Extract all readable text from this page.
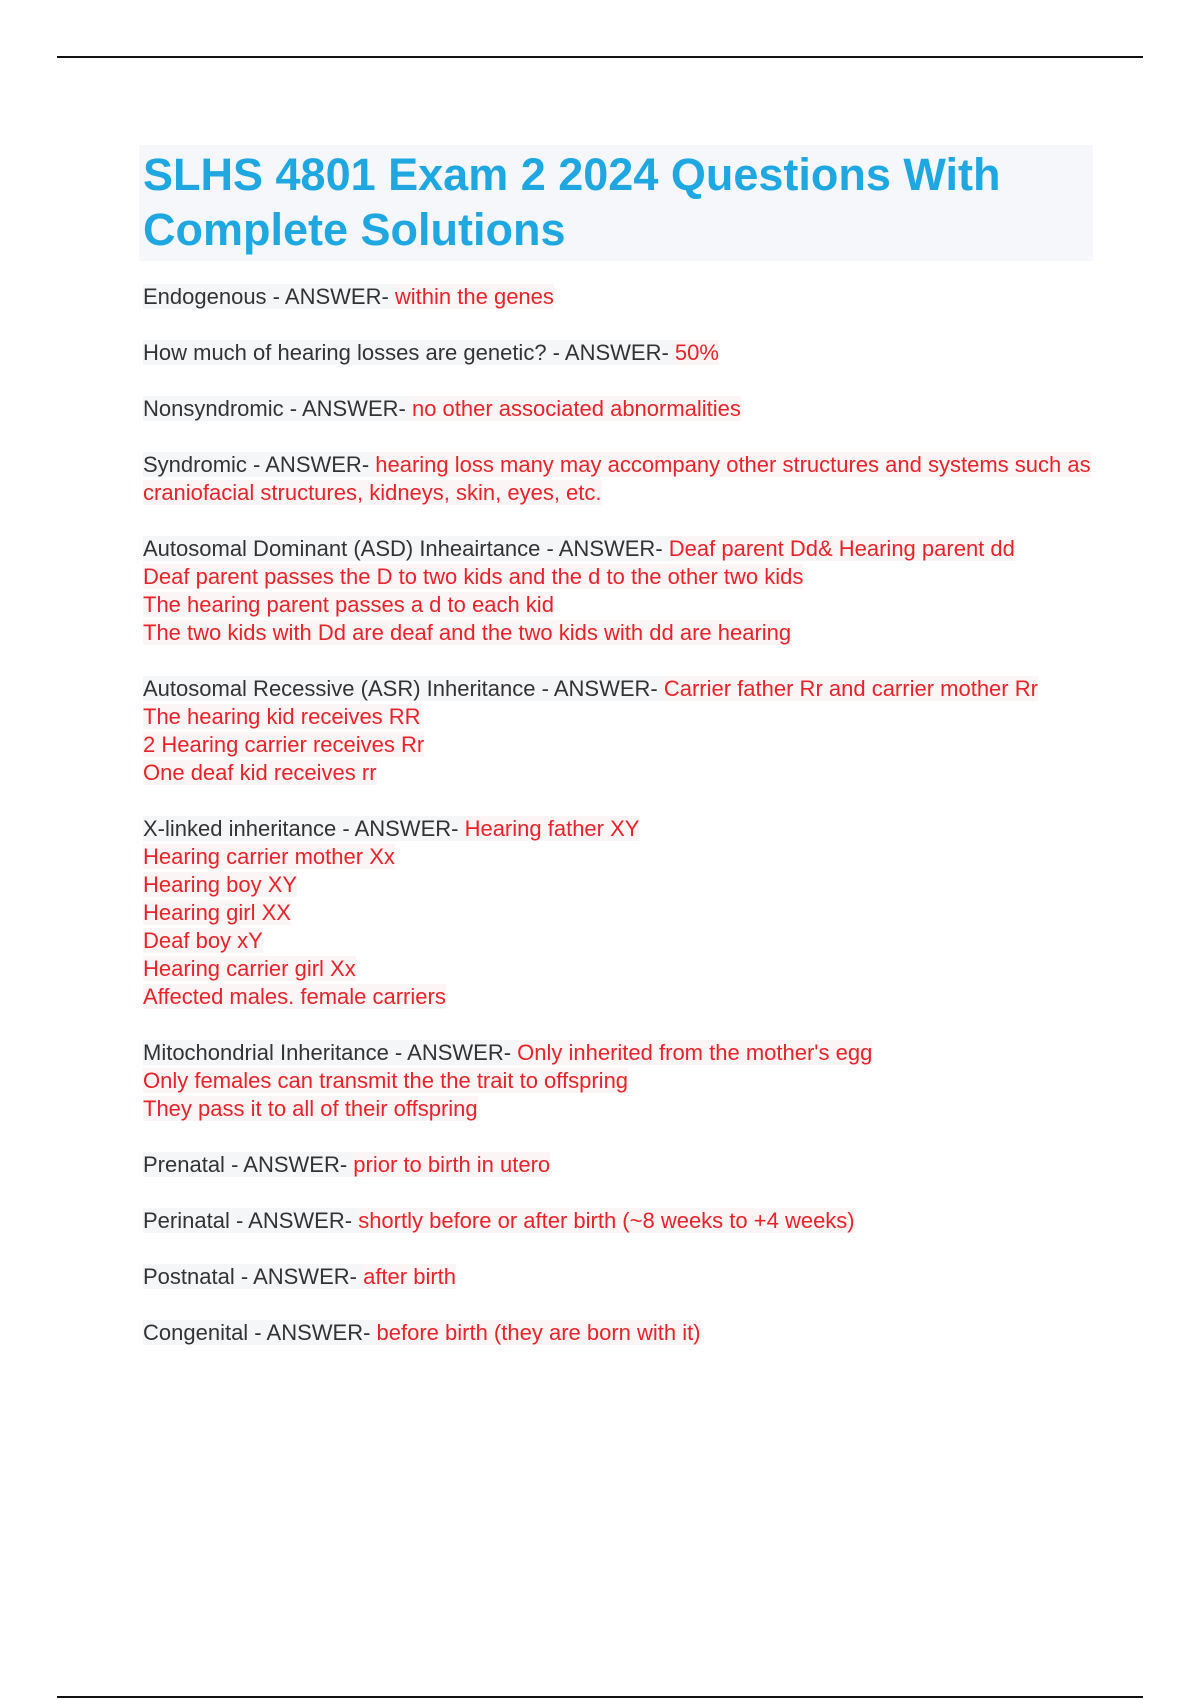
SLHS 4801 Exam 2 2024 Questions With Complete Solutions
Endogenous - ANSWER- within the genes
How much of hearing losses are genetic? - ANSWER- 50%
Nonsyndromic - ANSWER- no other associated abnormalities
Syndromic - ANSWER- hearing loss many may accompany other structures and systems such as craniofacial structures, kidneys, skin, eyes, etc.
Autosomal Dominant (ASD) Inheairtance - ANSWER- Deaf parent Dd& Hearing parent dd
Deaf parent passes the D to two kids and the d to the other two kids
The hearing parent passes a d to each kid
The two kids with Dd are deaf and the two kids with dd are hearing
Autosomal Recessive (ASR) Inheritance - ANSWER- Carrier father Rr and carrier mother Rr
The hearing kid receives RR
2 Hearing carrier receives Rr
One deaf kid receives rr
X-linked inheritance - ANSWER- Hearing father XY
Hearing carrier mother Xx
Hearing boy XY
Hearing girl XX
Deaf boy xY
Hearing carrier girl Xx
Affected males. female carriers
Mitochondrial Inheritance - ANSWER- Only inherited from the mother's egg
Only females can transmit the the trait to offspring
They pass it to all of their offspring
Prenatal - ANSWER- prior to birth in utero
Perinatal - ANSWER- shortly before or after birth (~8 weeks to +4 weeks)
Postnatal - ANSWER- after birth
Congenital - ANSWER- before birth (they are born with it)
